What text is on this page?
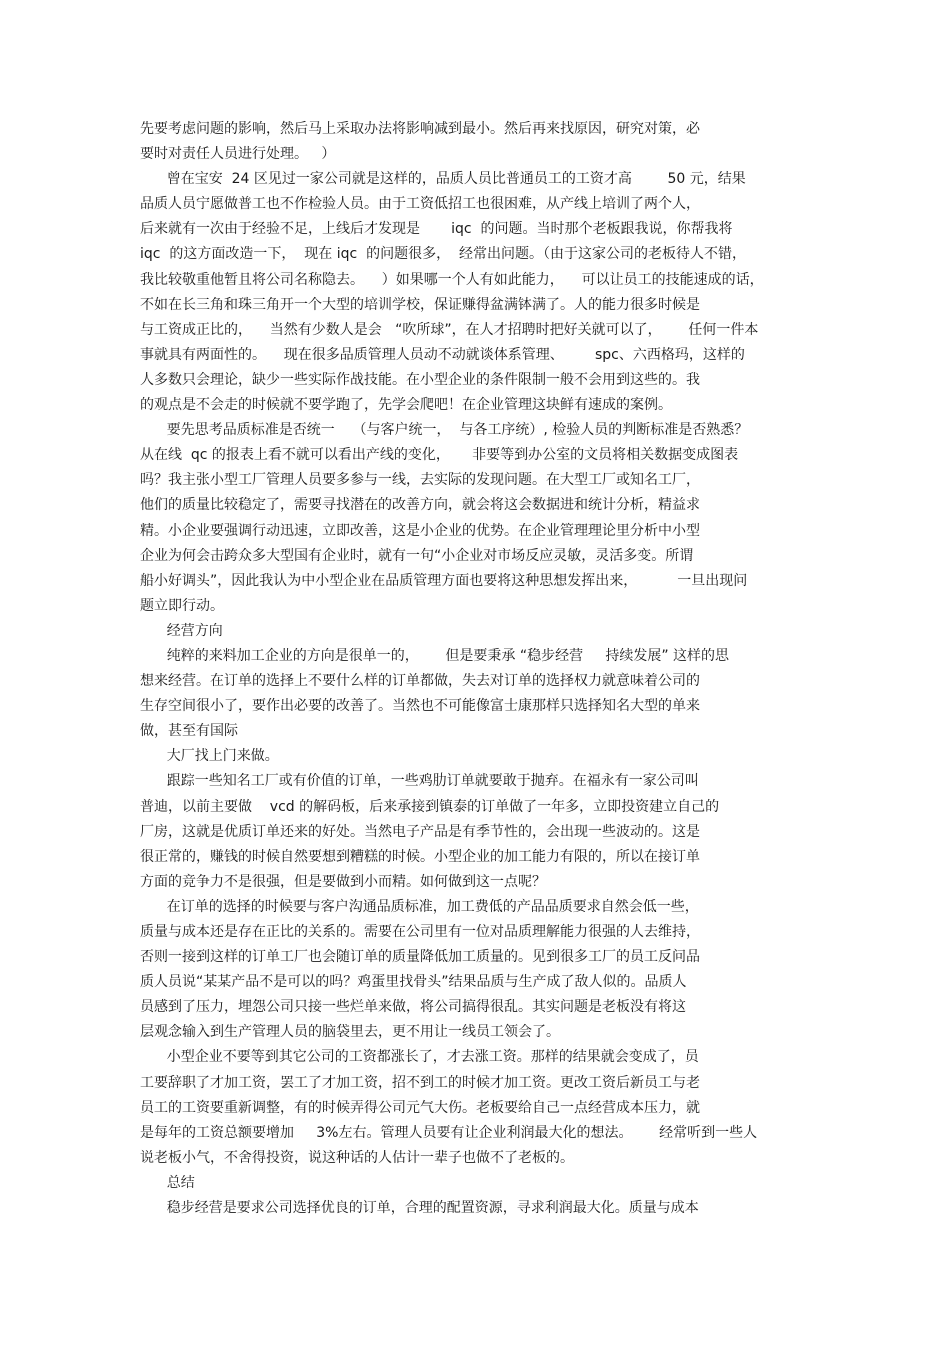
先要考虑问题的影响，然后马上采取办法将影响减到最小。然后再来找原因，研究对策，必
要时对责任人员进行处理。   ）
曾在宝安  24 区见过一家公司就是这样的，品质人员比普通员工的工资才高        50 元，结果
品质人员宁愿做普工也不作检验人员。由于工资低招工也很困难，从产线上培训了两个人，
后来就有一次由于经验不足，上线后才发现是       iqc  的问题。当时那个老板跟我说，你帮我将
iqc  的这方面改造一下，  现在 iqc  的问题很多，  经常出问题。（由于这家公司的老板待人不错，
我比较敬重他暂且将公司名称隐去。    ）如果哪一个人有如此能力，    可以让员工的技能速成的话，
不如在长三角和珠三角开一个大型的培训学校，保证赚得盆满钵满了。人的能力很多时候是
与工资成正比的，    当然有少数人是会   “吹所球”，在人才招聘时把好关就可以了，      任何一件本
事就具有两面性的。    现在很多品质管理人员动不动就谈体系管理、       spc、六西格玛，这样的
人多数只会理论，缺少一些实际作战技能。在小型企业的条件限制一般不会用到这些的。我
的观点是不会走的时候就不要学跑了，先学会爬吧！在企业管理这块鲜有速成的案例。
要先思考品质标准是否统一    （与客户统一，  与各工序统）, 检验人员的判断标准是否熟悉？
从在线  qc 的报表上看不就可以看出产线的变化，     非要等到办公室的文员将相关数据变成图表
吗？我主张小型工厂管理人员要多参与一线，去实际的发现问题。在大型工厂或知名工厂，
他们的质量比较稳定了，需要寻找潜在的改善方向，就会将这会数据进和统计分析，精益求
精。小企业要强调行动迅速，立即改善，这是小企业的优势。在企业管理理论里分析中小型
企业为何会击跨众多大型国有企业时，就有一句“小企业对市场反应灵敏，灵活多变。所谓
船小好调头”，因此我认为中小型企业在品质管理方面也要将这种思想发挥出来，         一旦出现问
题立即行动。
经营方向
纯粹的来料加工企业的方向是很单一的，      但是要秉承 “稳步经营     持续发展” 这样的思
想来经营。在订单的选择上不要什么样的订单都做，失去对订单的选择权力就意味着公司的
生存空间很小了，要作出必要的改善了。当然也不可能像富士康那样只选择知名大型的单来
做，甚至有国际
大厂找上门来做。
跟踪一些知名工厂或有价值的订单，一些鸡肋订单就要敢于抛弃。在福永有一家公司叫
普迪，以前主要做    vcd 的解码板，后来承接到镇泰的订单做了一年多，立即投资建立自己的
厂房，这就是优质订单还来的好处。当然电子产品是有季节性的，会出现一些波动的。这是
很正常的，赚钱的时候自然要想到糟糕的时候。小型企业的加工能力有限的，所以在接订单
方面的竞争力不是很强，但是要做到小而精。如何做到这一点呢？
在订单的选择的时候要与客户沟通品质标准，加工费低的产品品质要求自然会低一些，
质量与成本还是存在正比的关系的。需要在公司里有一位对品质理解能力很强的人去维持，
否则一接到这样的订单工厂也会随订单的质量降低加工质量的。见到很多工厂的员工反问品
质人员说“某某产品不是可以的吗？鸡蛋里找骨头”结果品质与生产成了敌人似的。品质人
员感到了压力，埋怨公司只接一些烂单来做，将公司搞得很乱。其实问题是老板没有将这
层观念输入到生产管理人员的脑袋里去，更不用让一线员工领会了。
小型企业不要等到其它公司的工资都涨长了，才去涨工资。那样的结果就会变成了，员
工要辞职了才加工资，罢工了才加工资，招不到工的时候才加工资。更改工资后新员工与老
员工的工资要重新调整，有的时候弄得公司元气大伤。老板要给自己一点经营成本压力，就
是每年的工资总额要增加     3%左右。管理人员要有让企业利润最大化的想法。      经常听到一些人
说老板小气，不舍得投资，说这种话的人估计一辈子也做不了老板的。
总结
稳步经营是要求公司选择优良的订单，合理的配置资源，寻求利润最大化。质量与成本
